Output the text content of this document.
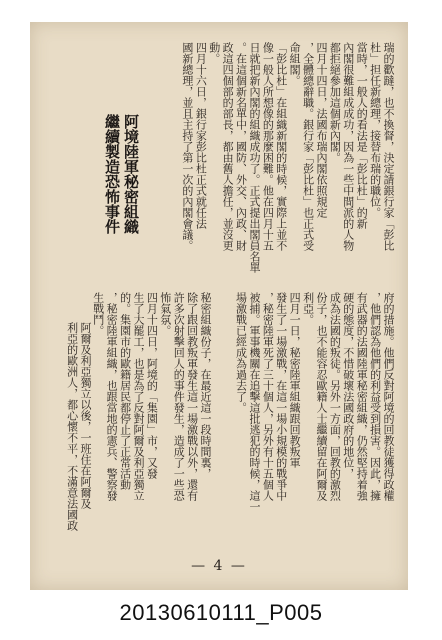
瑞的歡躂，也不換督，決定請銀行家「彭比
杜」担任新總理，接替布瑞的職位。
當時，一般人的看法是「彭比杜」的新
內閣很難組成成功，因為一些中間派的人物
都拒絕參加這個新內閣。
四月十四日，法國布瑞內閣依照規定
，全體總辭職。銀行家「彭比杜」也正式受
命組閣。
「彭比杜」在組織新閣的時候，實際上並不
像一般人所想像的那麼困難。他在四月十五
日就把新內閣的組織成功了。正式提出閣員名單
。在這個新名單中，國防、外交、內政、財
政這四個部的部長，都由舊人擔任，並沒更
動。
四月十六日，銀行家彭比杜正式就任法
國新總理，並且主持了第一次的內閣會議。
阿境陸軍秘密組織
繼續製造恐怖事件
府的措施。他們反對阿境的回教徒獲得政權
，他們認為他們的利益受到損害。因此，擁
有武器的法國陸軍秘密組織，仍然堅持着強
硬的態度，不惜破壞法國政府的地位，
成為法國的叛徒。另外一方面，回教的激烈
份子，也不能容忍歐籍人士繼續留在阿爾及
利亞。
四月一日，秘密陸軍組織跟回教叛軍
發生了一場激戰，在這一場小規模的戰爭中
，秘密陸軍死了三十個人，另外有十五個人
被捕。軍事機關在追擊這批逃犯的時候，這一
場激戰已經成為過去了。
秘密組織份子，在最近這一段時間裏，
除了跟回教叛軍發生這一場激戰以外，還有
許多次射擊回人的事件發生，造成了一些恐
怖氣氛。
四月十四日，阿境的「集園」市，又發
生了大罷工，也是為了反對阿爾及利亞獨立
的。集園市的歐籍居民都停止了正常活動
，秘密陸軍組織，也跟當地的憲兵、警察發
生戰鬥。
阿爾及利亞獨立以後，一班住在阿爾及
利亞的歐洲人，都心懷不平，不滿意法國政
— 4 —
20130610111_P005
